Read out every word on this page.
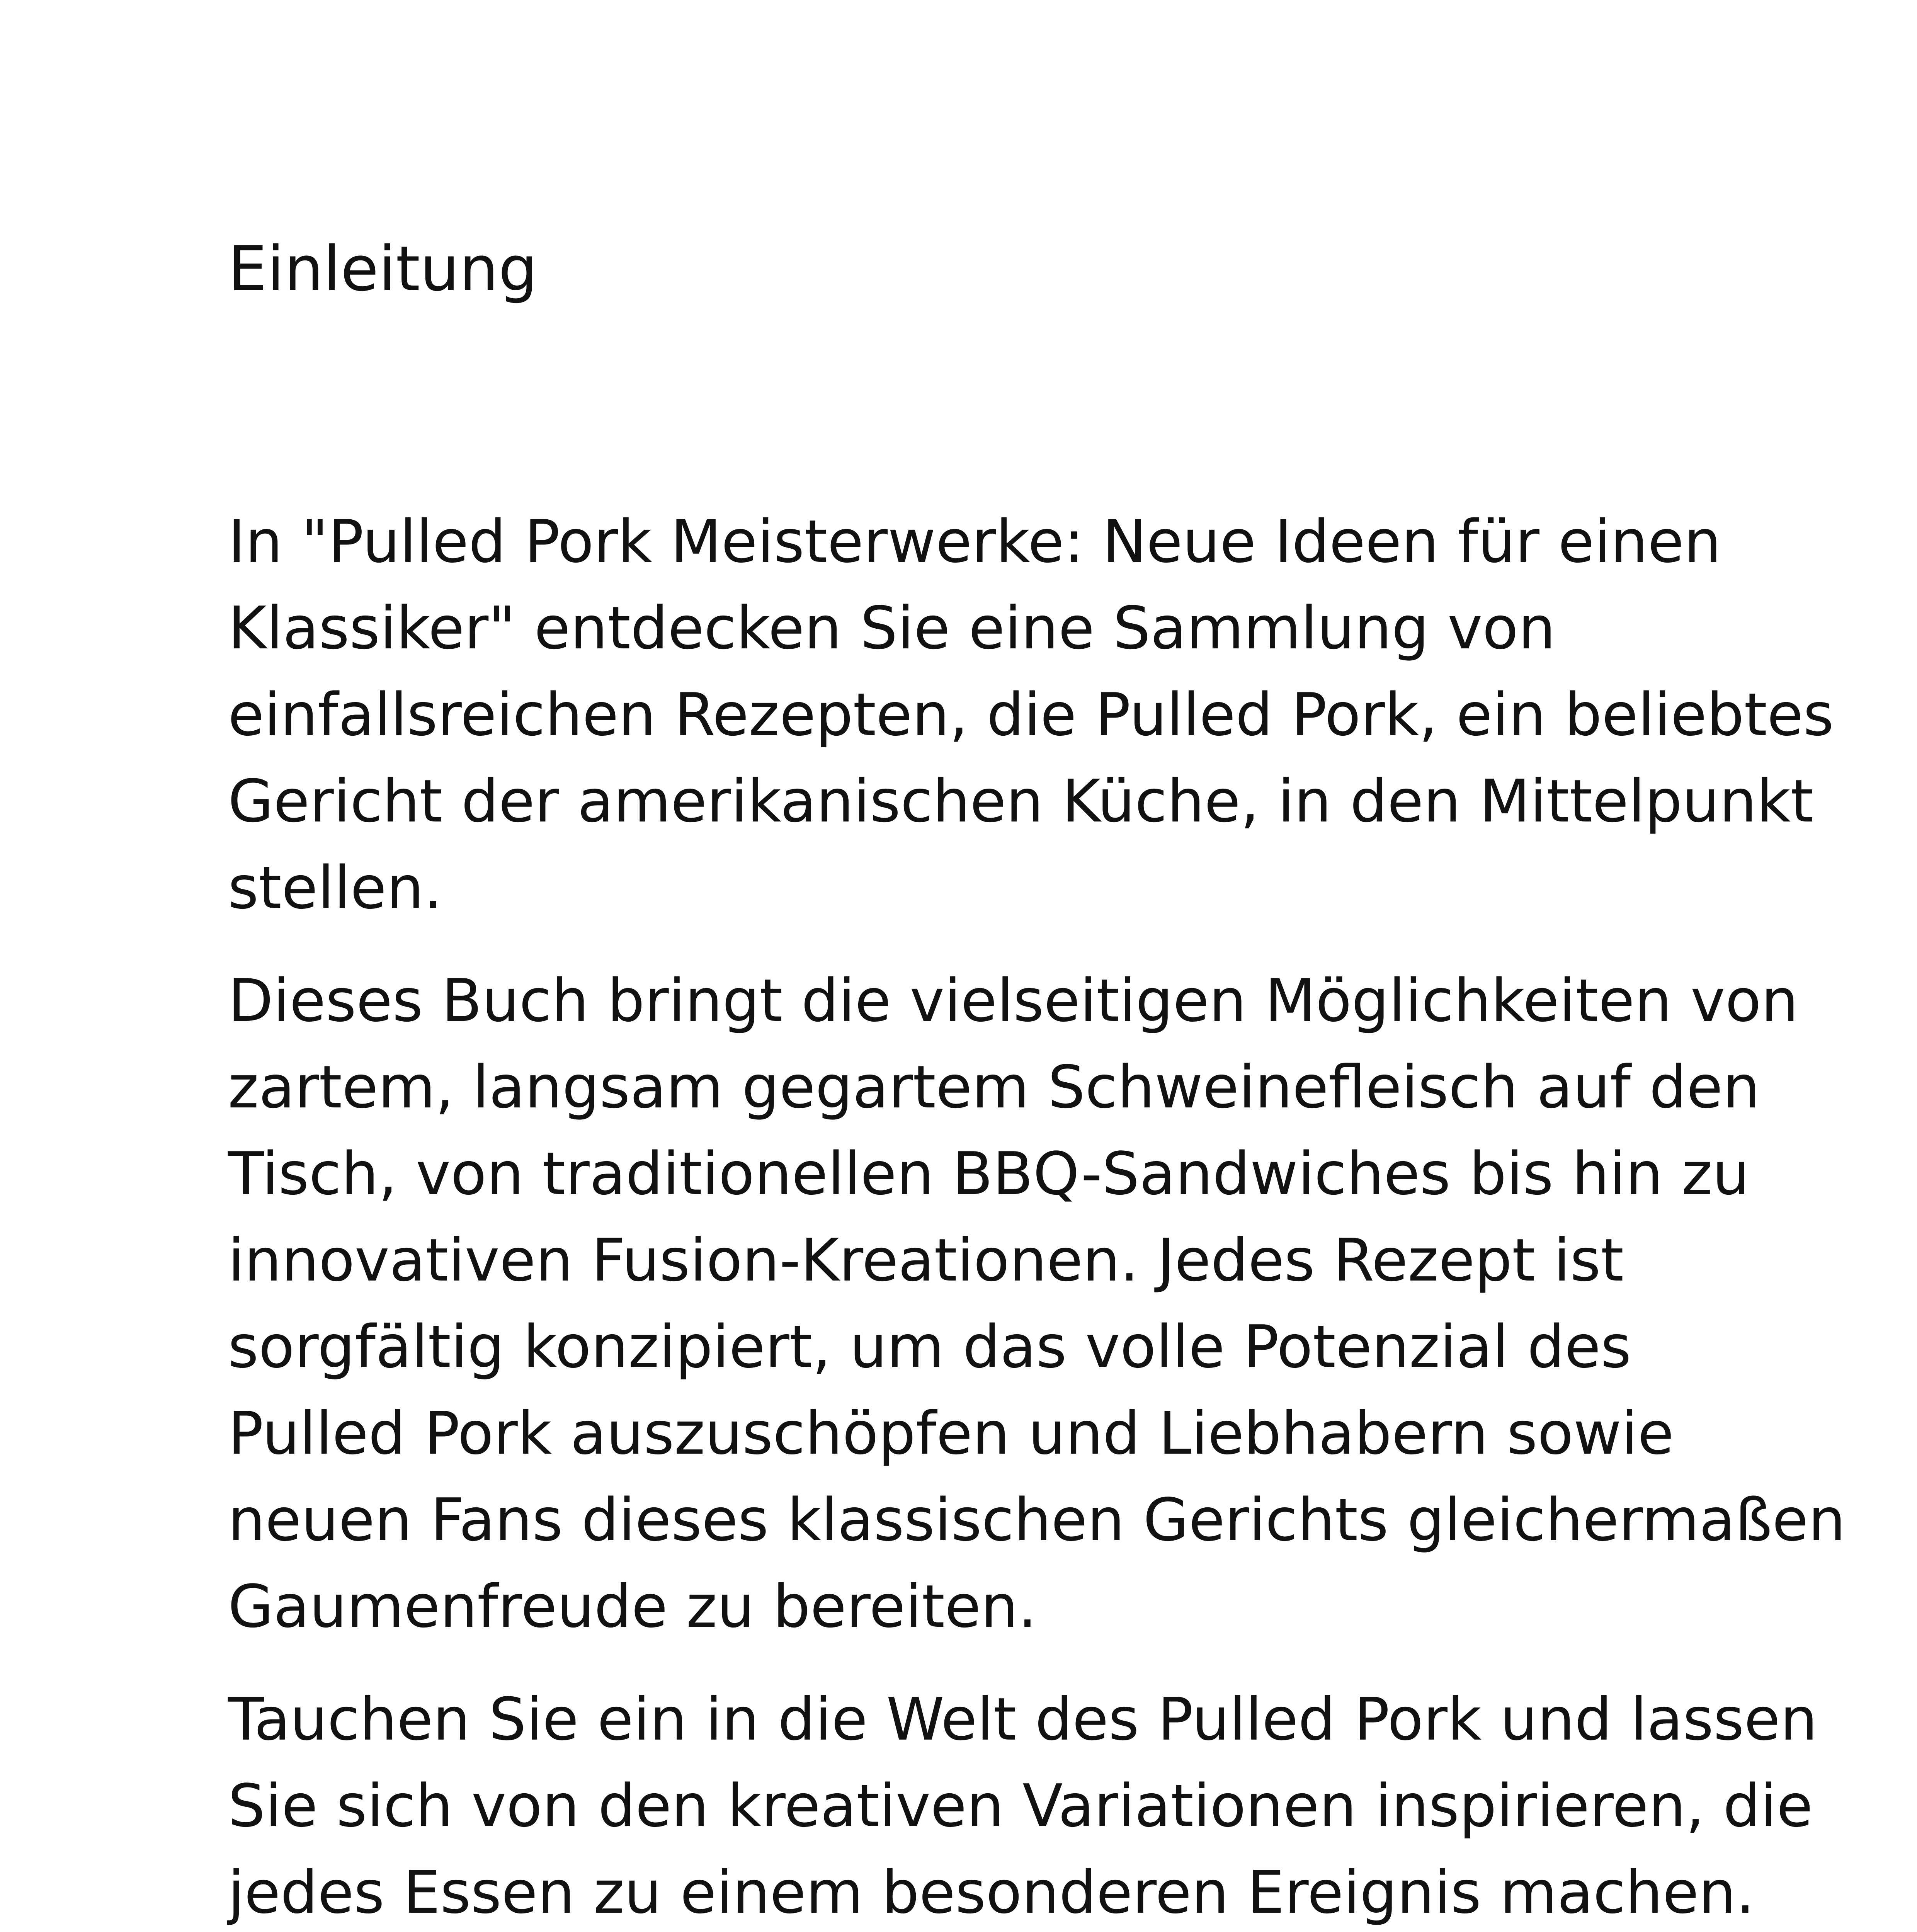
Einleitung

In "Pulled Pork Meisterwerke: Neue Ideen für einen
Klassiker" entdecken Sie eine Sammlung von
einfallsreichen Rezepten, die Pulled Pork, ein beliebtes
Gericht der amerikanischen Küche, in den Mittelpunkt
stellen.

Dieses Buch bringt die vielseitigen Möglichkeiten von
zartem, langsam gegartem Schweinefleisch auf den
Tisch, von traditionellen BBQ-Sandwiches bis hin zu
innovativen Fusion-Kreationen. Jedes Rezept ist
sorgfältig konzipiert, um das volle Potenzial des
Pulled Pork auszuschöpfen und Liebhabern sowie
neuen Fans dieses klassischen Gerichts gleichermaßen
Gaumenfreude zu bereiten.

Tauchen Sie ein in die Welt des Pulled Pork und lassen
Sie sich von den kreativen Variationen inspirieren, die
jedes Essen zu einem besonderen Ereignis machen.
